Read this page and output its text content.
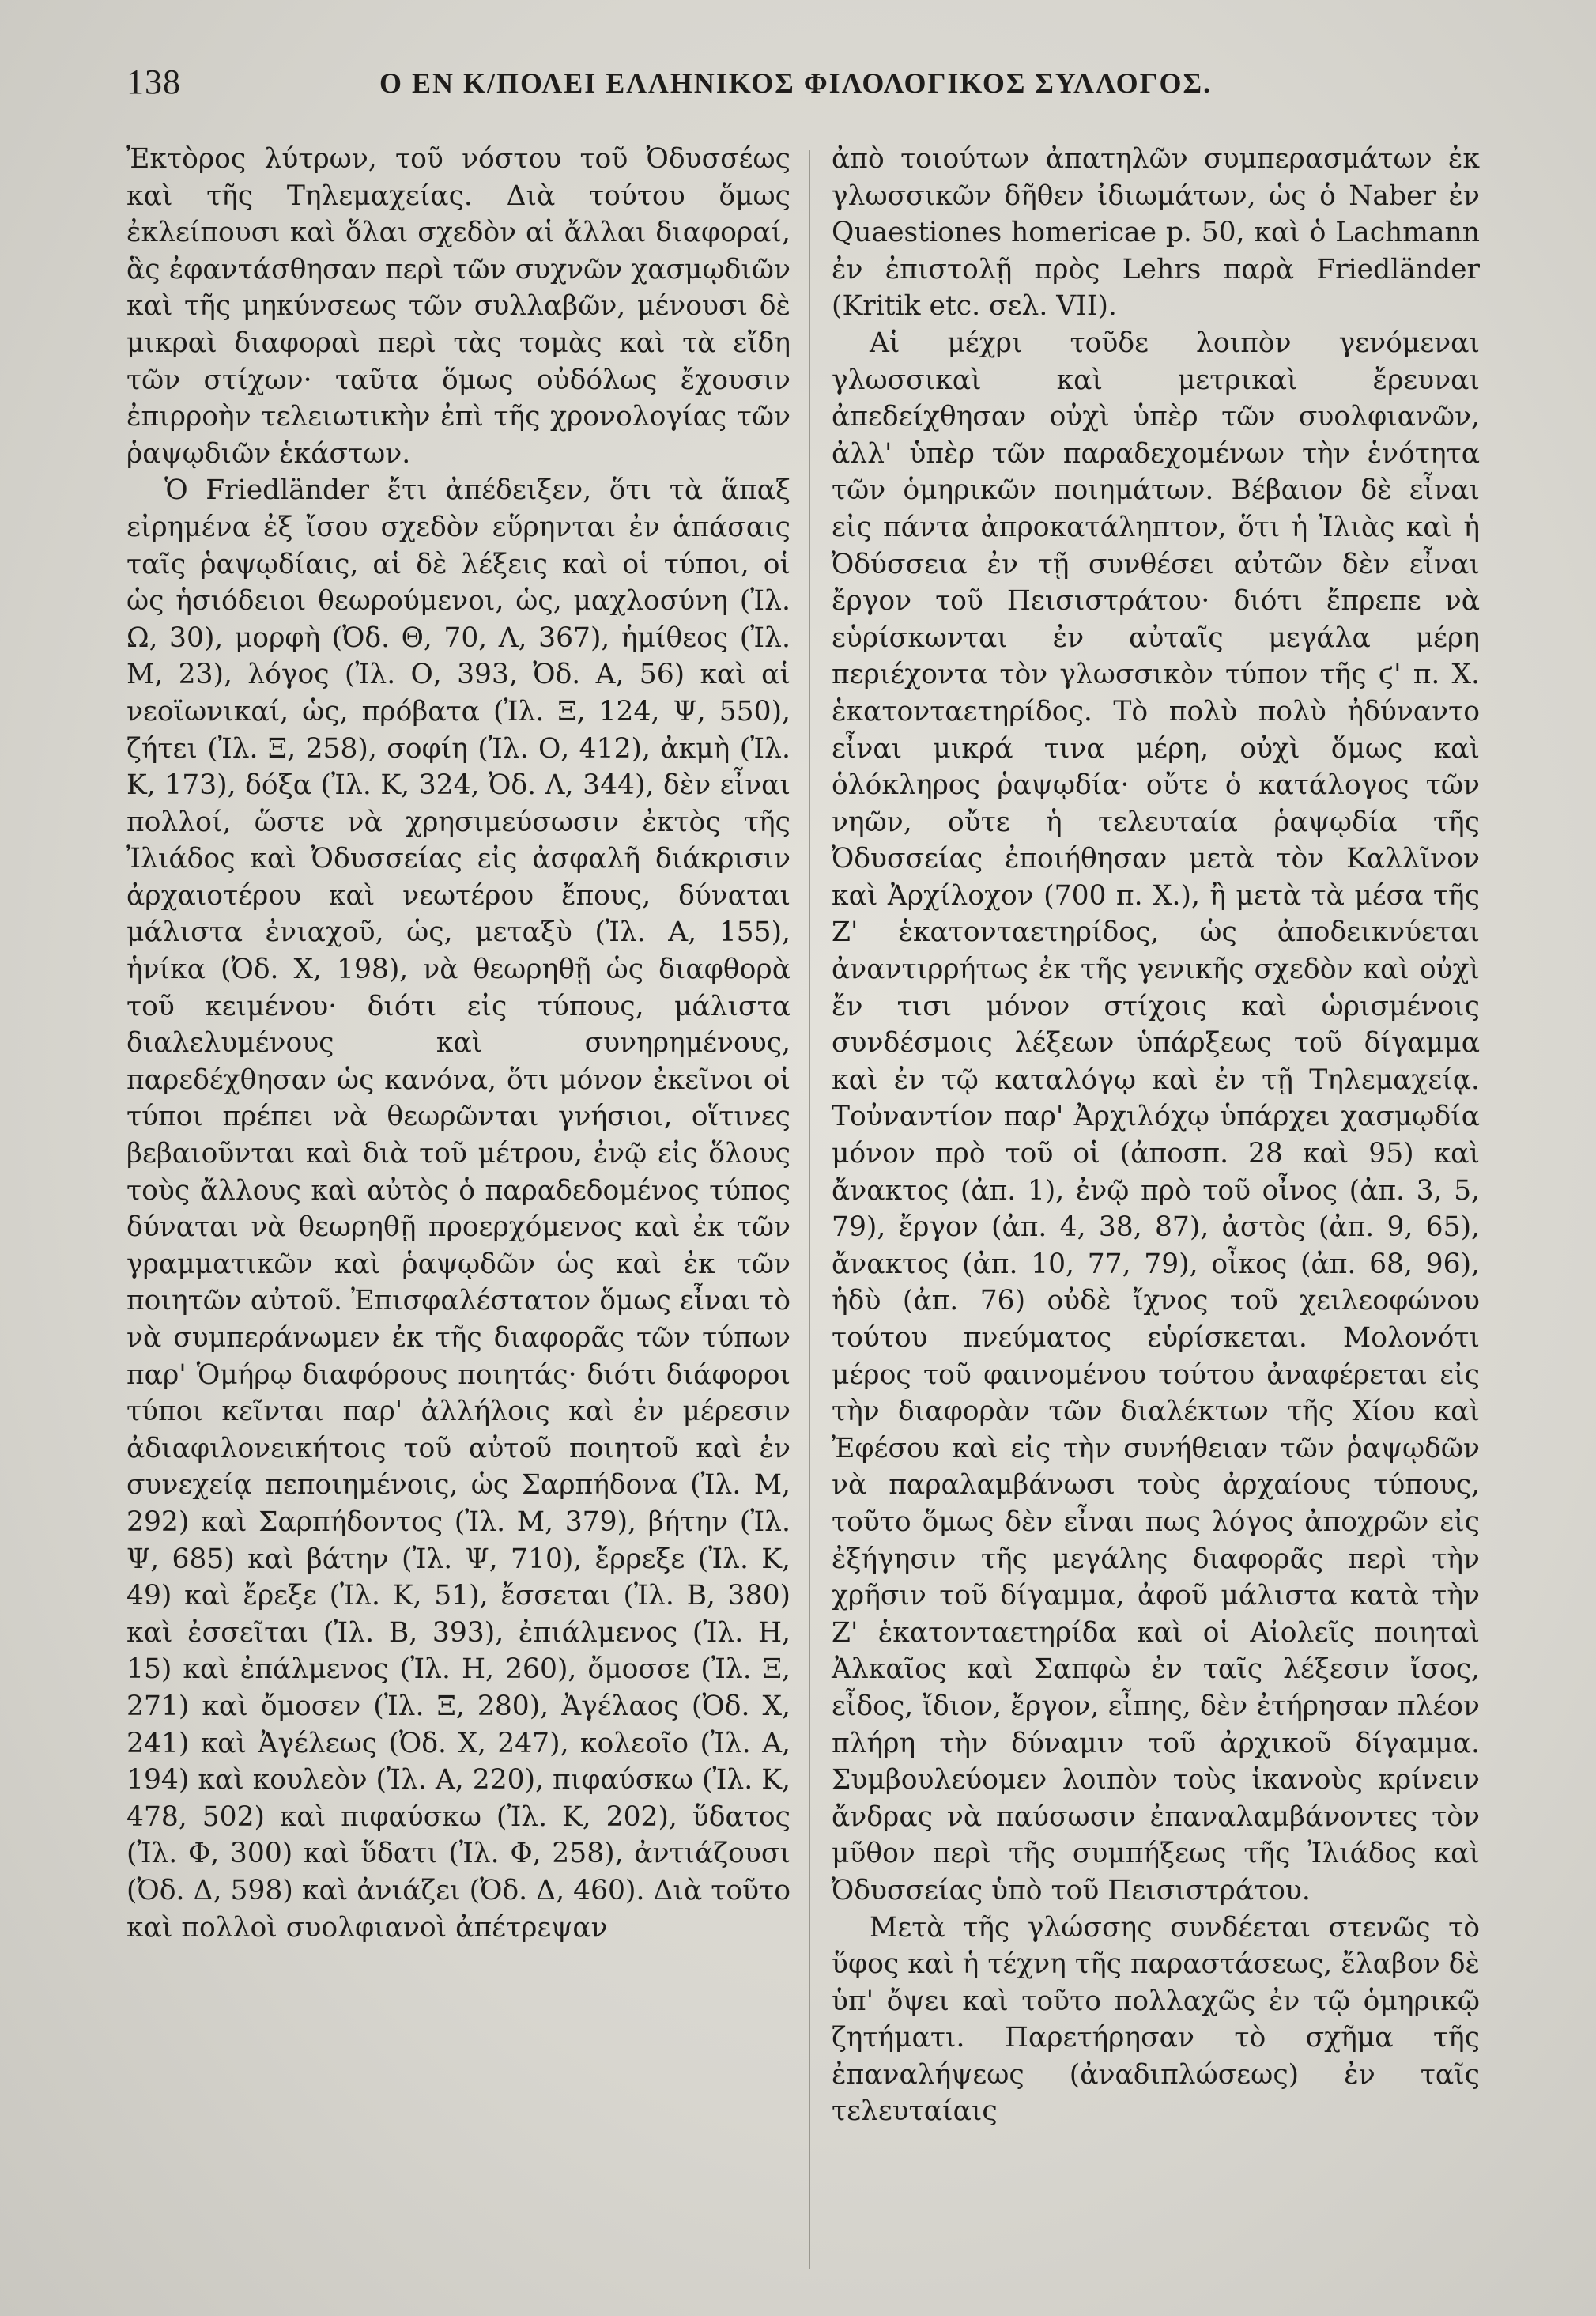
138	Ο ΕΝ Κ/ΠΟΛΕΙ ΕΛΛΗΝΙΚΟΣ ΦΙΛΟΛΟΓΙΚΟΣ ΣΥΛΛΟΓΟΣ.

Ἐκτὸρος λύτρων, τοῦ νόστου τοῦ Ὀδυσσέως καὶ τῆς Τηλεμαχείας. Διὰ τούτου ὅμως ἐκλείπουσι καὶ ὅλαι σχεδὸν αἱ ἄλλαι διαφοραί, ἃς ἐφαντάσθησαν περὶ τῶν συχνῶν χασμῳδιῶν καὶ τῆς μηκύνσεως τῶν συλλαβῶν, μένουσι δὲ μικραὶ διαφοραὶ περὶ τὰς τομὰς καὶ τὰ εἴδη τῶν στίχων· ταῦτα ὅμως οὐδόλως ἔχουσιν ἐπιρροὴν τελειωτικὴν ἐπὶ τῆς χρονολογίας τῶν ῥαψῳδιῶν ἑκάστων.

Ὁ Friedländer ἔτι ἀπέδειξεν, ὅτι τὰ ἅπαξ εἰρημένα ἐξ ἴσου σχεδὸν εὕρηνται ἐν ἁπάσαις ταῖς ῥαψῳδίαις, αἱ δὲ λέξεις καὶ οἱ τύποι, οἱ ὡς ἡσιόδειοι θεωρούμενοι, ὡς, μαχλοσύνη (Ἰλ. Ω, 30), μορφὴ (Ὀδ. Θ, 70, Λ, 367), ἡμίθεος (Ἰλ. Μ, 23), λόγος (Ἰλ. Ο, 393, Ὀδ. Α, 56) καὶ αἱ νεοϊωνικαί, ὡς, πρόβατα (Ἰλ. Ξ, 124, Ψ, 550), ζήτει (Ἰλ. Ξ, 258), σοφίη (Ἰλ. Ο, 412), ἀκμὴ (Ἰλ. Κ, 173), δόξα (Ἰλ. Κ, 324, Ὀδ. Λ, 344), δὲν εἶναι πολλοί, ὥστε νὰ χρησιμεύσωσιν ἐκτὸς τῆς Ἰλιάδος καὶ Ὀδυσσείας εἰς ἀσφαλῆ διάκρισιν ἀρχαιοτέρου καὶ νεωτέρου ἔπους, δύναται μάλιστα ἐνιαχοῦ, ὡς, μεταξὺ (Ἰλ. Α, 155), ἡνίκα (Ὀδ. Χ, 198), νὰ θεωρηθῇ ὡς διαφθορὰ τοῦ κειμένου· διότι εἰς τύπους, μάλιστα διαλελυμένους καὶ συνηρημένους, παρεδέχθησαν ὡς κανόνα, ὅτι μόνον ἐκεῖνοι οἱ τύποι πρέπει νὰ θεωρῶνται γνήσιοι, οἵτινες βεβαιοῦνται καὶ διὰ τοῦ μέτρου, ἐνῷ εἰς ὅλους τοὺς ἄλλους καὶ αὐτὸς ὁ παραδεδομένος τύπος δύναται νὰ θεωρηθῇ προερχόμενος καὶ ἐκ τῶν γραμματικῶν καὶ ῥαψῳδῶν ὡς καὶ ἐκ τῶν ποιητῶν αὐτοῦ. Ἐπισφαλέστατον ὅμως εἶναι τὸ νὰ συμπεράνωμεν ἐκ τῆς διαφορᾶς τῶν τύπων παρ' Ὁμήρῳ διαφόρους ποιητάς· διότι διάφοροι τύποι κεῖνται παρ' ἀλλήλοις καὶ ἐν μέρεσιν ἀδιαφιλονεικήτοις τοῦ αὐτοῦ ποιητοῦ καὶ ἐν συνεχείᾳ πεποιημένοις, ὡς Σαρπήδονα (Ἰλ. Μ, 292) καὶ Σαρπήδοντος (Ἰλ. Μ, 379), βήτην (Ἰλ. Ψ, 685) καὶ βάτην (Ἰλ. Ψ, 710), ἔρρεξε (Ἰλ. Κ, 49) καὶ ἔρεξε (Ἰλ. Κ, 51), ἔσσεται (Ἰλ. Β, 380) καὶ ἐσσεῖται (Ἰλ. Β, 393), ἐπιάλμενος (Ἰλ. Η, 15) καὶ ἐπάλμενος (Ἰλ. Η, 260), ὄμοσσε (Ἰλ. Ξ, 271) καὶ ὄμοσεν (Ἰλ. Ξ, 280), Ἀγέλαος (Ὀδ. Χ, 241) καὶ Ἀγέλεως (Ὀδ. Χ, 247), κολεοῖο (Ἰλ. Α, 194) καὶ κουλεὸν (Ἰλ. Α, 220), πιφαύσκω (Ἰλ. Κ, 478, 502) καὶ πιφαύσκω (Ἰλ. Κ, 202), ὕδατος (Ἰλ. Φ, 300) καὶ ὕδατι (Ἰλ. Φ, 258), ἀντιάζουσι (Ὀδ. Δ, 598) καὶ ἀνιάζει (Ὀδ. Δ, 460). Διὰ τοῦτο καὶ πολλοὶ συολφιανοὶ ἀπέτρεψαν

ἀπὸ τοιούτων ἀπατηλῶν συμπερασμάτων ἐκ γλωσσικῶν δῆθεν ἰδιωμάτων, ὡς ὁ Naber ἐν Quaestiones homericae p. 50, καὶ ὁ Lachmann ἐν ἐπιστολῇ πρὸς Lehrs παρὰ Friedländer (Kritik etc. σελ. VII).

Αἱ μέχρι τοῦδε λοιπὸν γενόμεναι γλωσσικαὶ καὶ μετρικαὶ ἔρευναι ἀπεδείχθησαν οὐχὶ ὑπὲρ τῶν συολφιανῶν, ἀλλ' ὑπὲρ τῶν παραδεχομένων τὴν ἑνότητα τῶν ὁμηρικῶν ποιημάτων. Βέβαιον δὲ εἶναι εἰς πάντα ἀπροκατάληπτον, ὅτι ἡ Ἰλιὰς καὶ ἡ Ὀδύσσεια ἐν τῇ συνθέσει αὐτῶν δὲν εἶναι ἔργον τοῦ Πεισιστράτου· διότι ἔπρεπε νὰ εὑρίσκωνται ἐν αὐταῖς μεγάλα μέρη περιέχοντα τὸν γλωσσικὸν τύπον τῆς ϛ' π. Χ. ἑκατονταετηρίδος. Τὸ πολὺ πολὺ ἠδύναντο εἶναι μικρά τινα μέρη, οὐχὶ ὅμως καὶ ὁλόκληρος ῥαψῳδία· οὔτε ὁ κατάλογος τῶν νηῶν, οὔτε ἡ τελευταία ῥαψῳδία τῆς Ὀδυσσείας ἐποιήθησαν μετὰ τὸν Καλλῖνον καὶ Ἀρχίλοχον (700 π. Χ.), ἢ μετὰ τὰ μέσα τῆς Ζ' ἑκατονταετηρίδος, ὡς ἀποδεικνύεται ἀναντιρρήτως ἐκ τῆς γενικῆς σχεδὸν καὶ οὐχὶ ἔν τισι μόνον στίχοις καὶ ὡρισμένοις συνδέσμοις λέξεων ὑπάρξεως τοῦ δίγαμμα καὶ ἐν τῷ καταλόγῳ καὶ ἐν τῇ Τηλεμαχείᾳ. Τοὐναντίον παρ' Ἀρχιλόχῳ ὑπάρχει χασμῳδία μόνον πρὸ τοῦ οἱ (ἀποσπ. 28 καὶ 95) καὶ ἄνακτος (ἀπ. 1), ἐνῷ πρὸ τοῦ οἶνος (ἀπ. 3, 5, 79), ἔργον (ἀπ. 4, 38, 87), ἀστὸς (ἀπ. 9, 65), ἄνακτος (ἀπ. 10, 77, 79), οἶκος (ἀπ. 68, 96), ἡδὺ (ἀπ. 76) οὐδὲ ἴχνος τοῦ χειλεοφώνου τούτου πνεύματος εὑρίσκεται. Μολονότι μέρος τοῦ φαινομένου τούτου ἀναφέρεται εἰς τὴν διαφορὰν τῶν διαλέκτων τῆς Χίου καὶ Ἐφέσου καὶ εἰς τὴν συνήθειαν τῶν ῥαψῳδῶν νὰ παραλαμβάνωσι τοὺς ἀρχαίους τύπους, τοῦτο ὅμως δὲν εἶναι πως λόγος ἀποχρῶν εἰς ἐξήγησιν τῆς μεγάλης διαφορᾶς περὶ τὴν χρῆσιν τοῦ δίγαμμα, ἀφοῦ μάλιστα κατὰ τὴν Ζ' ἑκατονταετηρίδα καὶ οἱ Αἰολεῖς ποιηταὶ Ἀλκαῖος καὶ Σαπφὼ ἐν ταῖς λέξεσιν ἴσος, εἶδος, ἴδιον, ἔργον, εἶπης, δὲν ἐτήρησαν πλέον πλήρη τὴν δύναμιν τοῦ ἀρχικοῦ δίγαμμα. Συμβουλεύομεν λοιπὸν τοὺς ἱκανοὺς κρίνειν ἄνδρας νὰ παύσωσιν ἐπαναλαμβάνοντες τὸν μῦθον περὶ τῆς συμπήξεως τῆς Ἰλιάδος καὶ Ὀδυσσείας ὑπὸ τοῦ Πεισιστράτου.

Μετὰ τῆς γλώσσης συνδέεται στενῶς τὸ ὕφος καὶ ἡ τέχνη τῆς παραστάσεως, ἔλαβον δὲ ὑπ' ὄψει καὶ τοῦτο πολλαχῶς ἐν τῷ ὁμηρικῷ ζητήματι. Παρετήρησαν τὸ σχῆμα τῆς ἐπαναλήψεως (ἀναδιπλώσεως) ἐν ταῖς τελευταίαις
